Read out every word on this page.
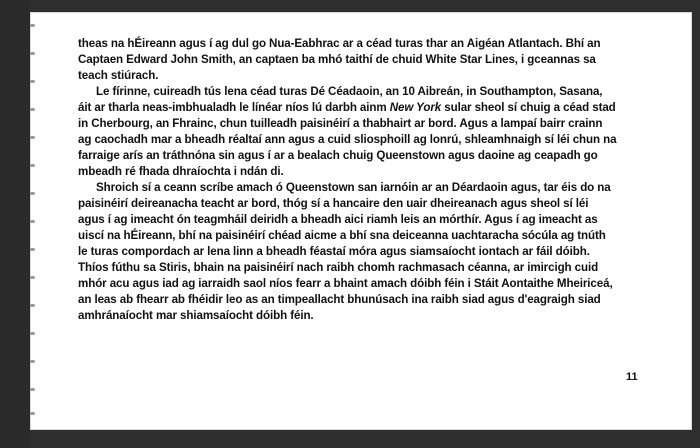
theas na hÉireann agus í ag dul go Nua-Eabhrac ar a céad turas thar an Aigéan Atlantach. Bhí an Captaen Edward John Smith, an captaen ba mhó taithí de chuid White Star Lines, i gceannas sa teach stiúrach.

Le fírinne, cuireadh tús lena céad turas Dé Céadaoin, an 10 Aibreán, in Southampton, Sasana, áit ar tharla neas-imbhualadh le línéar níos lú darbh ainm New York sular sheol sí chuig a céad stad in Cherbourg, an Fhrainc, chun tuilleadh paisinéirí a thabhairt ar bord. Agus a lampaí bairr crainn ag caochadh mar a bheadh réaltaí ann agus a cuid sliosphoill ag lonrú, shleamhnaigh sí léi chun na farraige arís an tráthnóna sin agus í ar a bealach chuig Queenstown agus daoine ag ceapadh go mbeadh ré fhada dhraíochta i ndán di.

Shroich sí a ceann scríbe amach ó Queenstown san iarnóin ar an Déardaoin agus, tar éis do na paisinéirí deireanacha teacht ar bord, thóg sí a hancaire den uair dheireanach agus sheol sí léi agus í ag imeacht ón teagmháil deiridh a bheadh aici riamh leis an mórthír. Agus í ag imeacht as uiscí na hÉireann, bhí na paisinéirí chéad aicme a bhí sna deiceanna uachtaracha sócúla ag tnúth le turas compordach ar lena linn a bheadh féastaí móra agus siamsaíocht iontach ar fáil dóibh. Thíos fúthu sa Stiris, bhain na paisinéirí nach raibh chomh rachmasach céanna, ar imircigh cuid mhór acu agus iad ag iarraidh saol níos fearr a bhaint amach dóibh féin i Stáit Aontaithe Mheiriceá, an leas ab fhearr ab fhéidir leo as an timpeallacht bhunúsach ina raibh siad agus d'eagraigh siad amhránaíocht mar shiamsaíocht dóibh féin.

11
